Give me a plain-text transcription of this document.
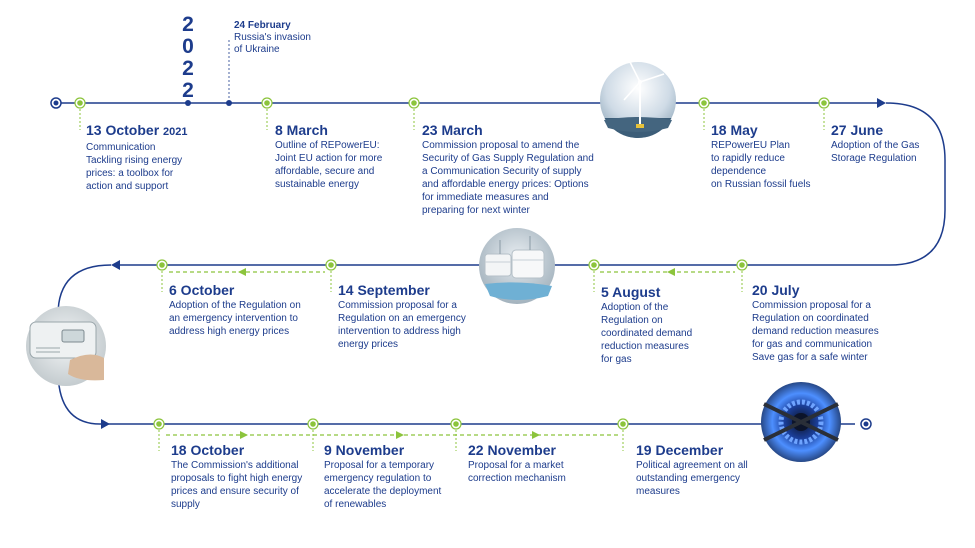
2
0
2
2
24 February
Russia's invasion
of Ukraine
13 October 2021
Communication
Tackling rising energy
prices: a toolbox for
action and support
8 March
Outline of REPowerEU:
Joint EU action for more
affordable, secure and
sustainable energy
23 March
Commission proposal to amend the
Security of Gas Supply Regulation and
a Communication Security of supply
and affordable energy prices: Options
for immediate measures and
preparing for next winter
18 May
REPowerEU Plan
to rapidly reduce
dependence
on Russian fossil fuels
27 June
Adoption of the Gas
Storage Regulation
20 July
Commission proposal for a
Regulation on coordinated
demand reduction measures
for gas and communication
Save gas for a safe winter
5 August
Adoption of the
Regulation on
coordinated demand
reduction measures
for gas
14 September
Commission proposal for a
Regulation on an emergency
intervention to address high
energy prices
6 October
Adoption of the Regulation on
an emergency intervention to
address high energy prices
18 October
The Commission's additional
proposals to fight high energy
prices and ensure security of
supply
9 November
Proposal for a temporary
emergency regulation to
accelerate the deployment
of renewables
22 November
Proposal for a market
correction mechanism
19 December
Political agreement on all
outstanding emergency
measures
